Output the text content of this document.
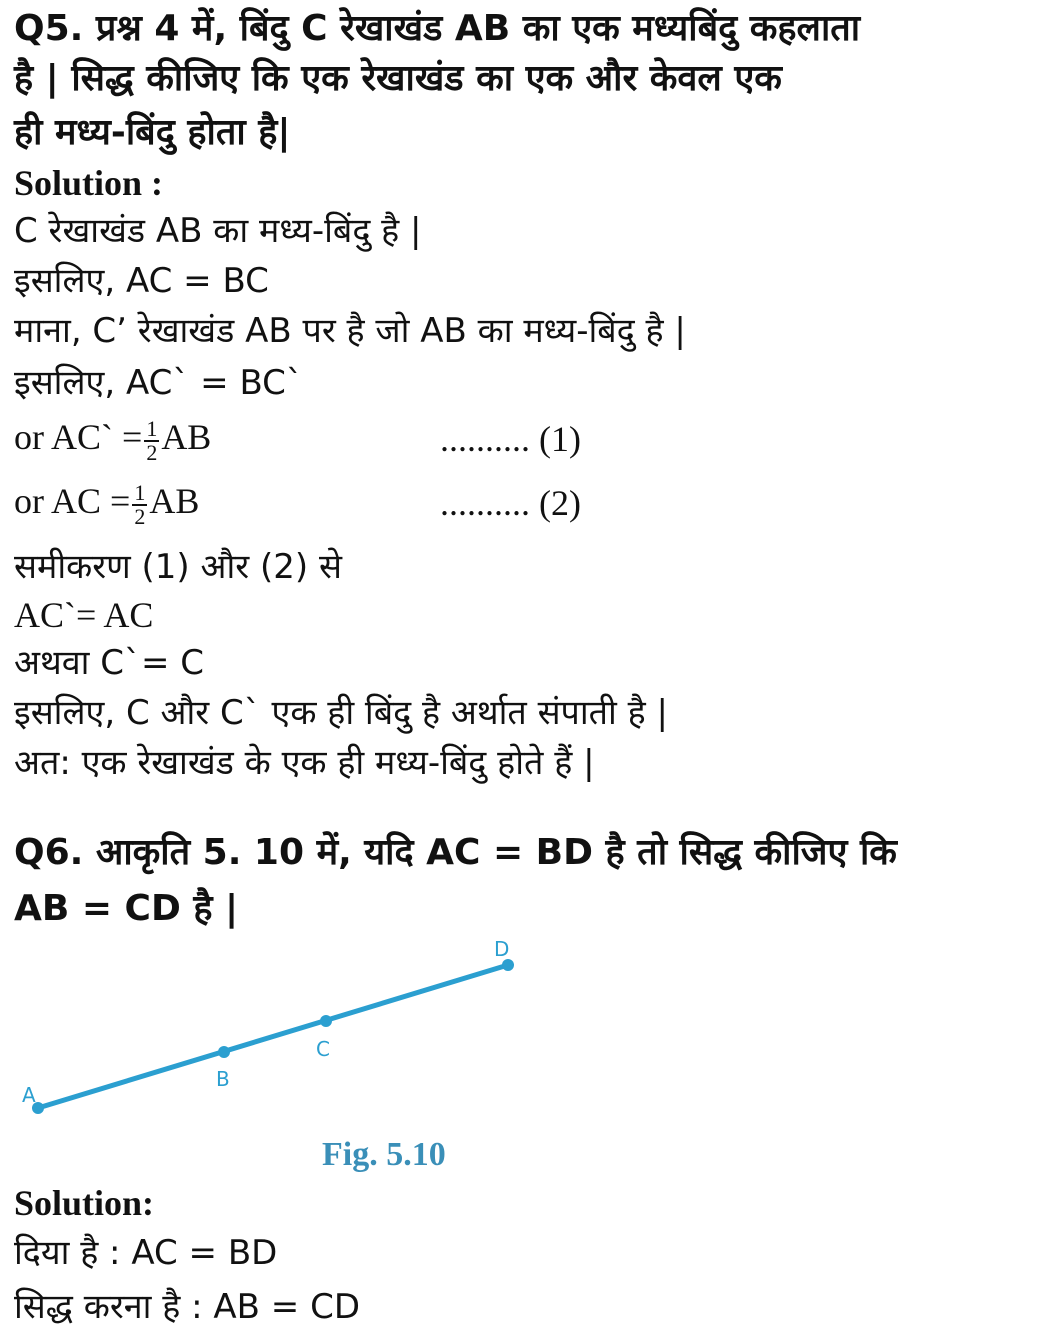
Q5. प्रश्न 4 में, बिंदु C रेखाखंड AB का एक मध्यबिंदु कहलाता
है | सिद्ध कीजिए कि एक रेखाखंड का एक और केवल एक
ही मध्य-बिंदु होता है|
Solution :
C रेखाखंड AB का मध्य-बिंदु है |
इसलिए, AC = BC
माना, C’ रेखाखंड AB पर है जो AB का मध्य-बिंदु है |
इसलिए, AC` = BC`
or AC` = $\frac{1}{2}$ AB	.......... (1)
or AC = $\frac{1}{2}$ AB	.......... (2)
समीकरण (1) और (2) से
AC`= AC
अथवा C`= C
इसलिए, C और C` एक ही बिंदु है अर्थात संपाती है |
अत: एक रेखाखंड के एक ही मध्य-बिंदु होते हैं |
Q6. आकृति 5. 10 में, यदि AC = BD है तो सिद्ध कीजिए कि
AB = CD है |
A
B
C
D
Fig. 5.10
Solution:
दिया है : AC = BD
सिद्ध करना है : AB = CD
